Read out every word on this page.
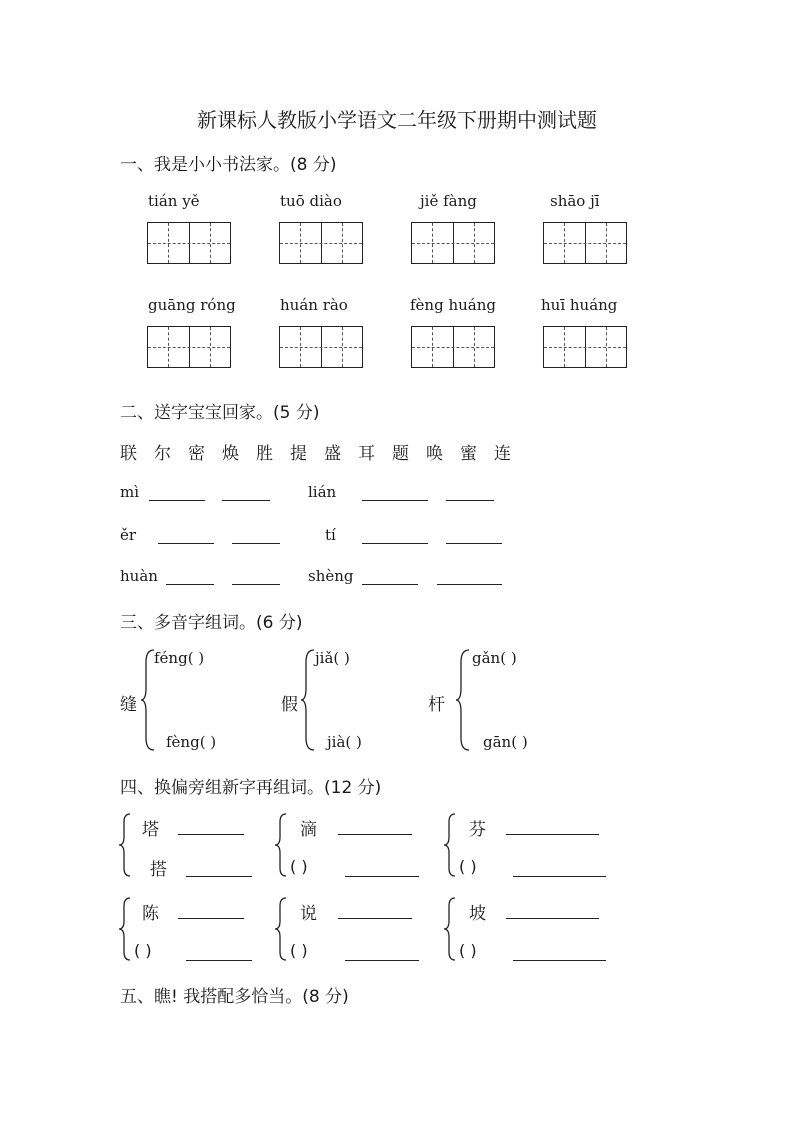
新课标人教版小学语文二年级下册期中测试题
一、我是小小书法家。(8 分)
tián yě	tuō diào	jiě fàng	shāo jī
guāng róng	huán rào	fèng huáng	huī huáng
二、送字宝宝回家。(5 分)
联 尔 密 焕 胜 提 盛 耳 题 唤 蜜 连
mì	lián
ěr	tí
huàn	shèng
三、多音字组词。(6 分)
缝
féng( )
fèng( )
假
jiǎ( )
jià( )
杆
gǎn( )
gān( )
四、换偏旁组新字再组词。(12 分)
塔
搭
滴
( )
芬
( )
陈
( )
说
( )
坡
( )
五、瞧! 我搭配多恰当。(8 分)
